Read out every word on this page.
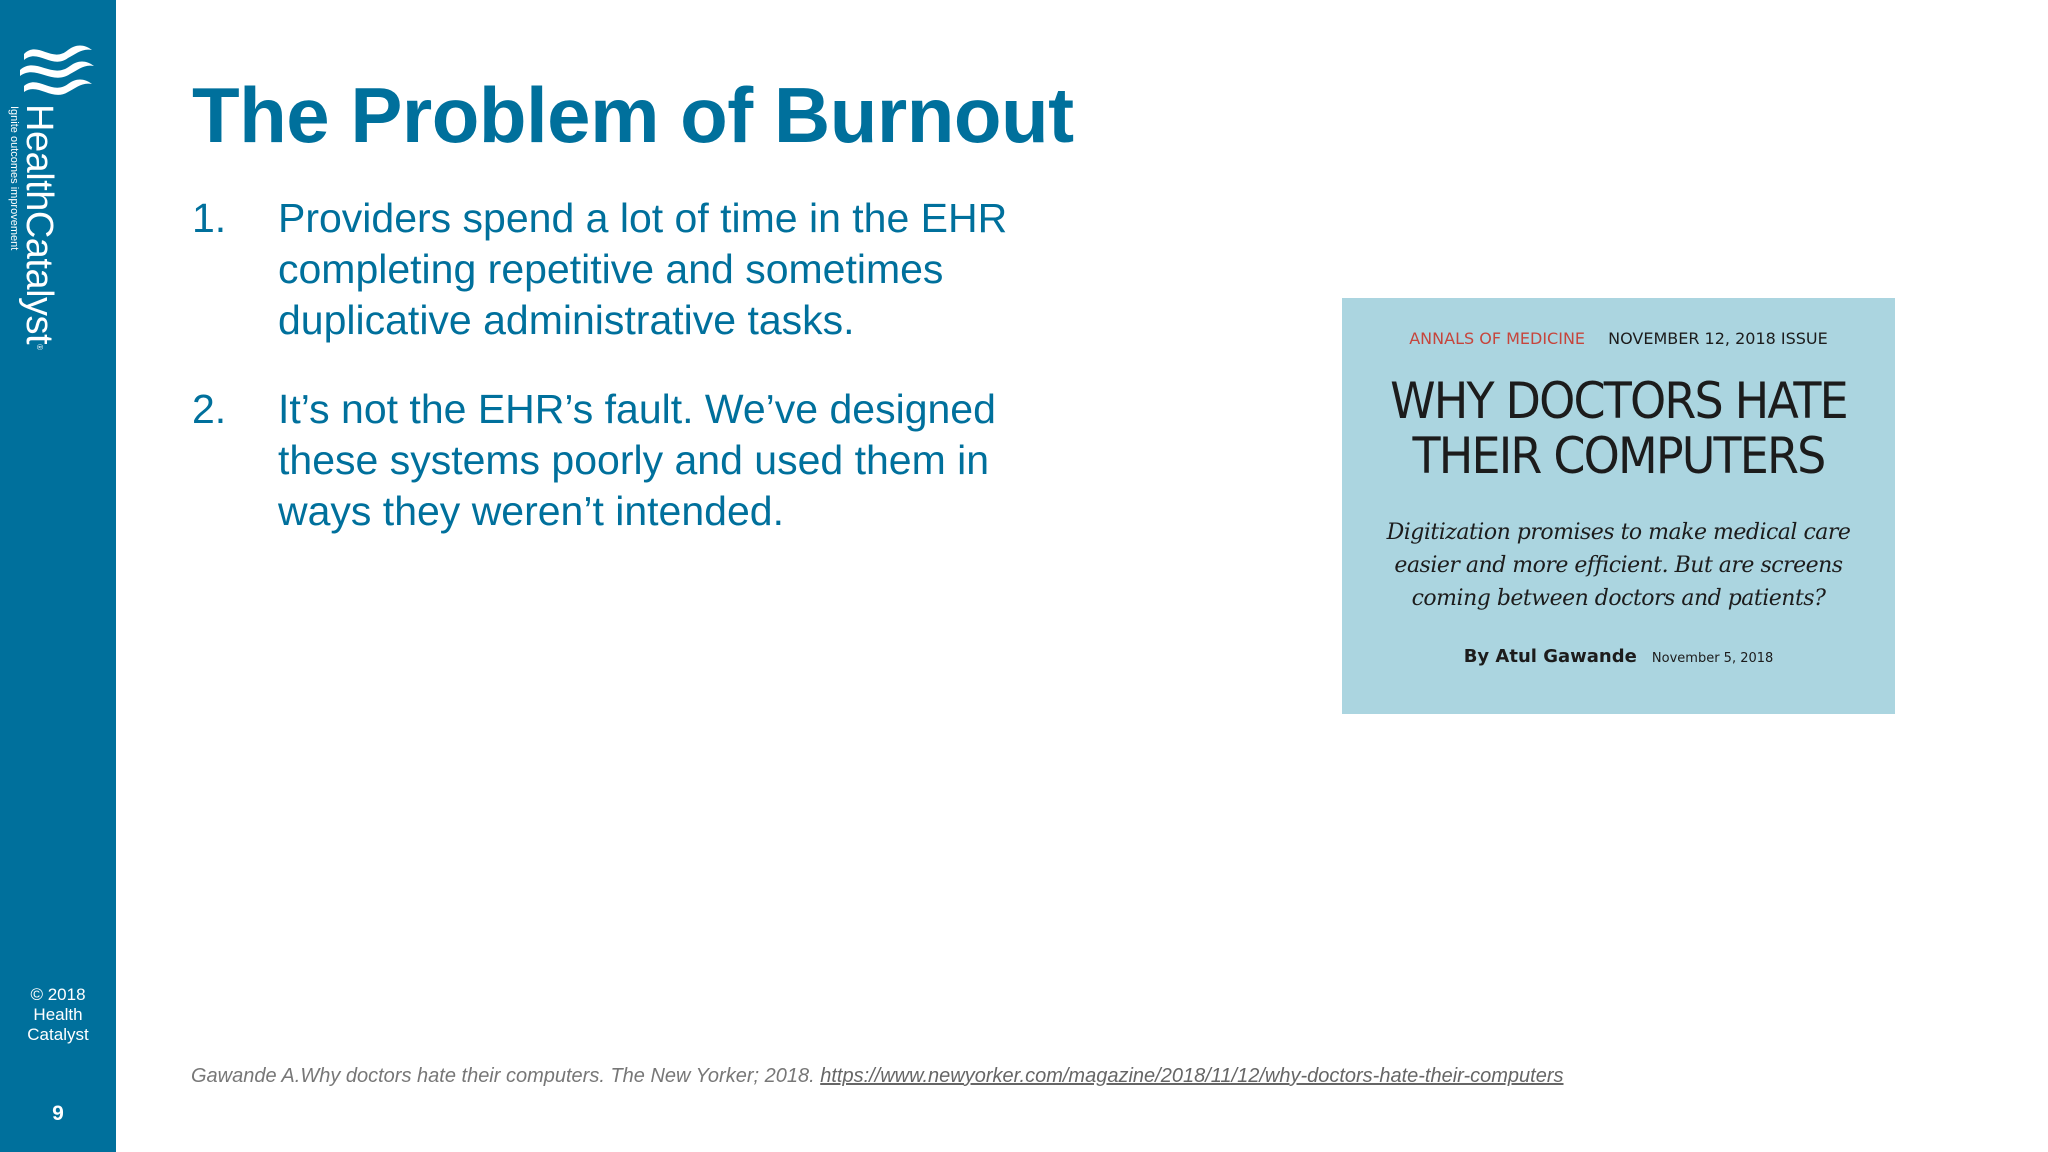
HealthCatalyst®
Ignite outcomes improvement
© 2018
Health
Catalyst
9
The Problem of Burnout
1. Providers spend a lot of time in the EHR completing repetitive and sometimes duplicative administrative tasks.
2. It’s not the EHR’s fault. We’ve designed these systems poorly and used them in ways they weren’t intended.
ANNALS OF MEDICINE NOVEMBER 12, 2018 ISSUE
WHY DOCTORS HATE
THEIR COMPUTERS
Digitization promises to make medical care easier and more efficient. But are screens coming between doctors and patients?
By Atul Gawande November 5, 2018
Gawande A.Why doctors hate their computers. The New Yorker; 2018. https://www.newyorker.com/magazine/2018/11/12/why-doctors-hate-their-computers
